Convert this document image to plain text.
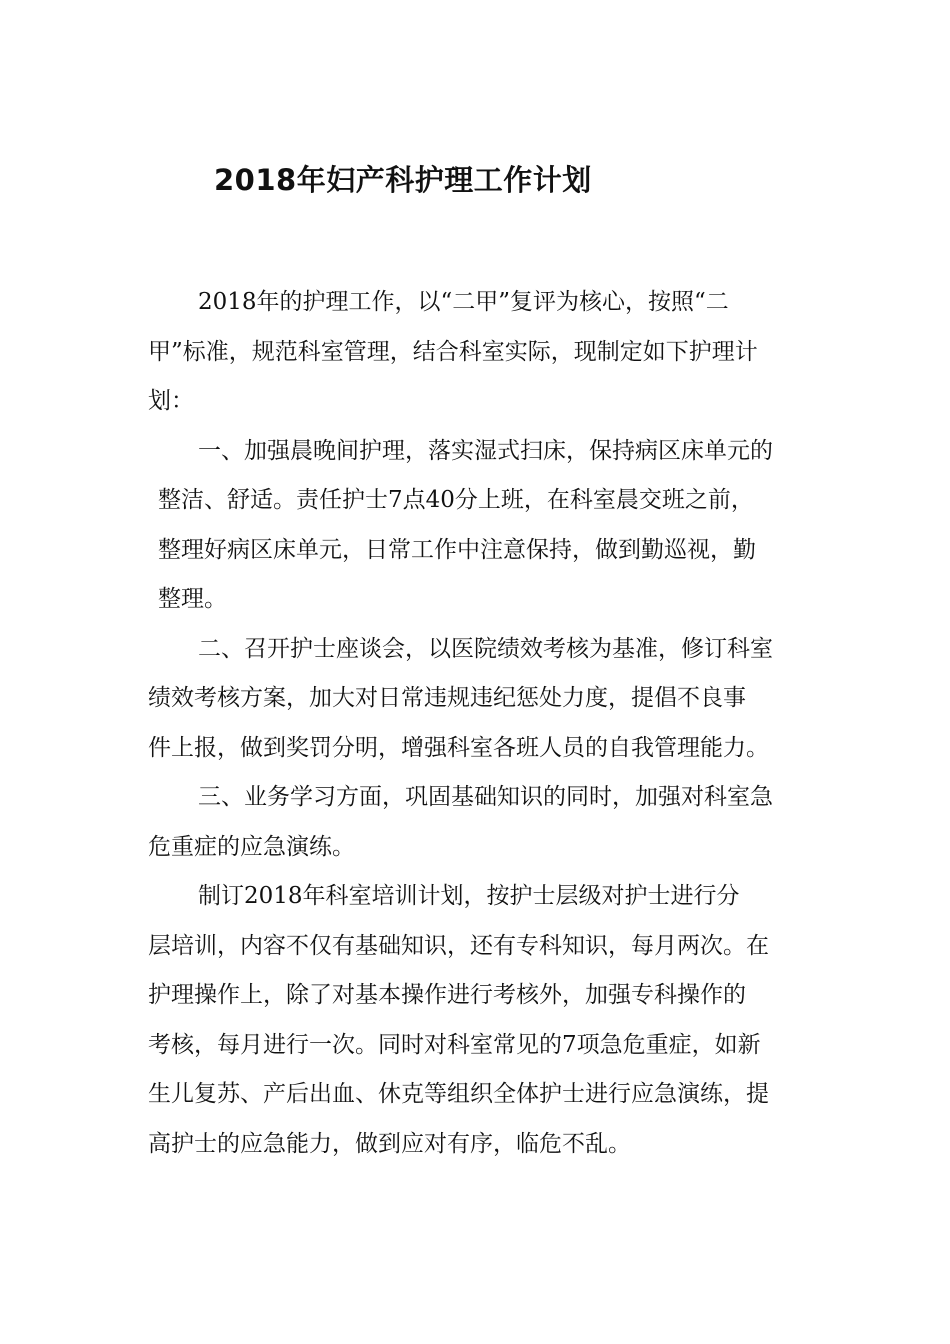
2018年妇产科护理工作计划
2018年的护理工作，以“二甲”复评为核心，按照“二
甲”标准，规范科室管理，结合科室实际，现制定如下护理计
划：
一、加强晨晚间护理，落实湿式扫床，保持病区床单元的
整洁、舒适。责任护士7点40分上班，在科室晨交班之前，
整理好病区床单元，日常工作中注意保持，做到勤巡视，勤
整理。
二、召开护士座谈会，以医院绩效考核为基准，修订科室
绩效考核方案，加大对日常违规违纪惩处力度，提倡不良事
件上报，做到奖罚分明，增强科室各班人员的自我管理能力。
三、业务学习方面，巩固基础知识的同时，加强对科室急
危重症的应急演练。
制订2018年科室培训计划，按护士层级对护士进行分
层培训，内容不仅有基础知识，还有专科知识，每月两次。在
护理操作上，除了对基本操作进行考核外，加强专科操作的
考核，每月进行一次。同时对科室常见的7项急危重症，如新
生儿复苏、产后出血、休克等组织全体护士进行应急演练，提
高护士的应急能力，做到应对有序，临危不乱。
